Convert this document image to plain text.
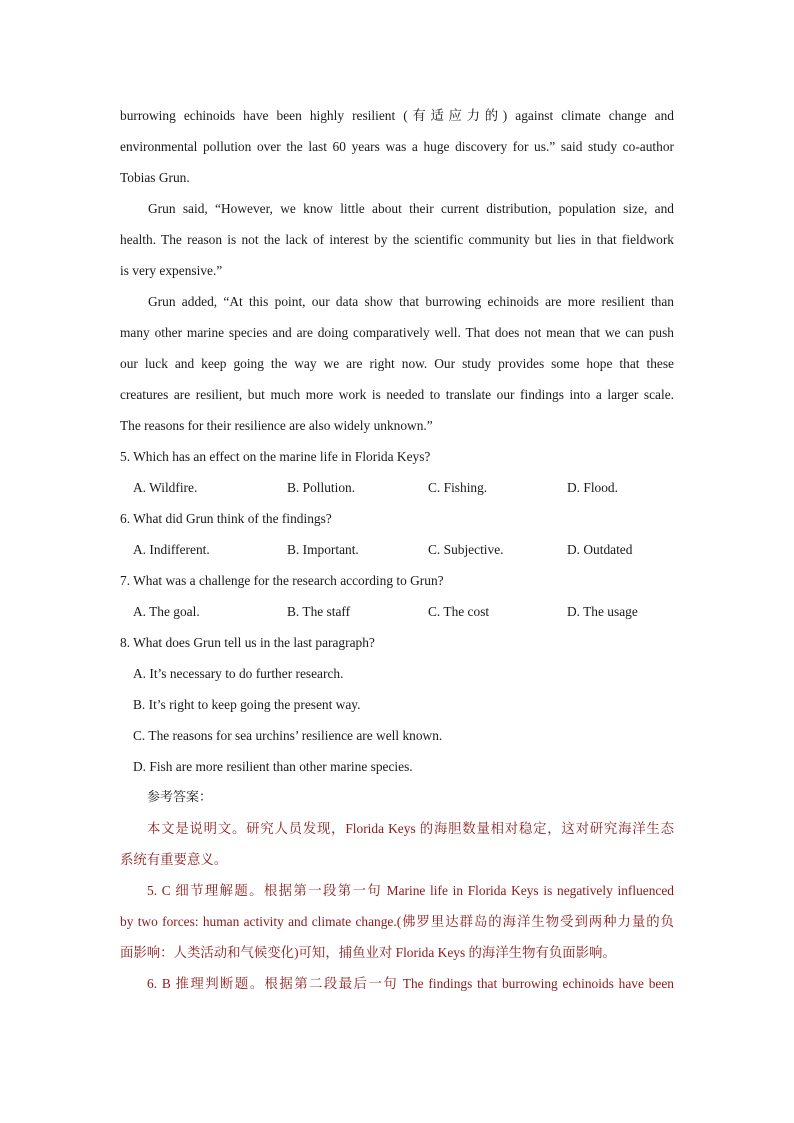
burrowing echinoids have been highly resilient (有适应力的) against climate change and
environmental pollution over the last 60 years was a huge discovery for us.” said study co-author
Tobias Grun.
Grun said, “However, we know little about their current distribution, population size, and
health. The reason is not the lack of interest by the scientific community but lies in that fieldwork
is very expensive.”
Grun added, “At this point, our data show that burrowing echinoids are more resilient than
many other marine species and are doing comparatively well. That does not mean that we can push
our luck and keep going the way we are right now. Our study provides some hope that these
creatures are resilient, but much more work is needed to translate our findings into a larger scale.
The reasons for their resilience are also widely unknown.”
5. Which has an effect on the marine life in Florida Keys?
A. Wildfire.	B. Pollution.	C. Fishing.	D. Flood.
6. What did Grun think of the findings?
A. Indifferent.	B. Important.	C. Subjective.	D. Outdated
7. What was a challenge for the research according to Grun?
A. The goal.	B. The staff	C. The cost	D. The usage
8. What does Grun tell us in the last paragraph?
A. It’s necessary to do further research.
B. It’s right to keep going the present way.
C. The reasons for sea urchins’ resilience are well known.
D. Fish are more resilient than other marine species.
参考答案：
本文是说明文。研究人员发现，Florida Keys 的海胆数量相对稳定，这对研究海洋生态
系统有重要意义。
5. C 细节理解题。根据第一段第一句 Marine life in Florida Keys is negatively influenced
by two forces: human activity and climate change.(佛罗里达群岛的海洋生物受到两种力量的负
面影响：人类活动和气候变化)可知，捕鱼业对 Florida Keys 的海洋生物有负面影响。
6. B 推理判断题。根据第二段最后一句 The findings that burrowing echinoids have been
